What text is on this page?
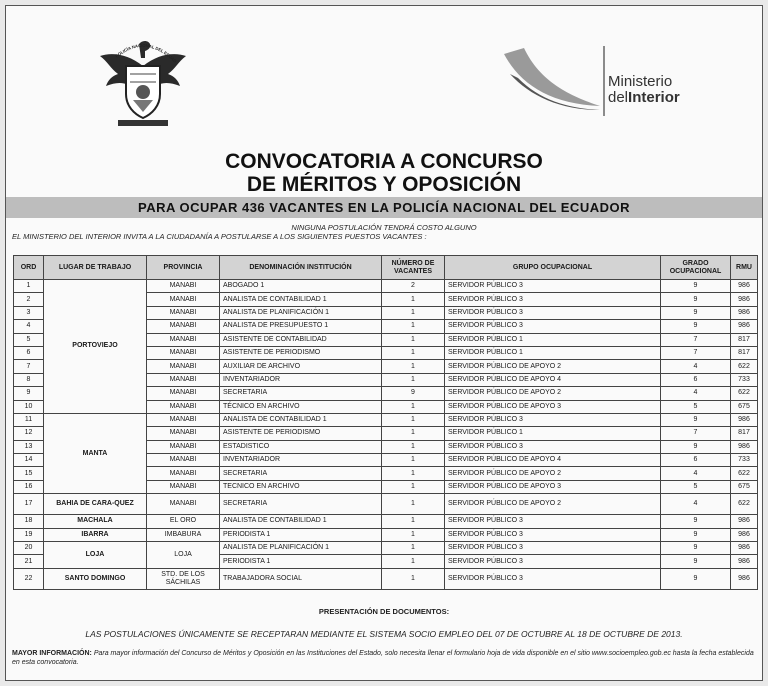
POLICÍA NACIONAL DEL ECUAD
Ministerio
delInterior
CONVOCATORIA A CONCURSO
DE MÉRITOS Y OPOSICIÓN
PARA OCUPAR 436 VACANTES EN LA POLICÍA NACIONAL DEL ECUADOR
NINGUNA POSTULACIÓN TENDRÁ COSTO ALGUNO
EL MINISTERIO DEL INTERIOR INVITA A LA CIUDADANÍA A POSTULARSE A LOS SIGUIENTES PUESTOS VACANTES :
ORD	LUGAR DE TRABAJO	PROVINCIA	DENOMINACIÓN INSTITUCIÓN	NÚMERO DE VACANTES	GRUPO OCUPACIONAL	GRADO OCUPACIONAL	RMU
1	PORTOVIEJO	MANABI	ABOGADO 1	2	SERVIDOR PÚBLICO 3	9	986
2		MANABI	ANALISTA DE CONTABILIDAD 1	1	SERVIDOR PÚBLICO 3	9	986
3		MANABI	ANALISTA DE PLANIFICACIÓN 1	1	SERVIDOR PÚBLICO 3	9	986
4		MANABI	ANALISTA DE PRESUPUESTO 1	1	SERVIDOR PÚBLICO 3	9	986
5		MANABI	ASISTENTE DE CONTABILIDAD	1	SERVIDOR PÚBLICO 1	7	817
6		MANABI	ASISTENTE DE PERIODISMO	1	SERVIDOR PÚBLICO 1	7	817
7		MANABI	AUXILIAR DE ARCHIVO	1	SERVIDOR PÚBLICO DE APOYO 2	4	622
8		MANABI	INVENTARIADOR	1	SERVIDOR PÚBLICO DE APOYO 4	6	733
9		MANABI	SECRETARIA	9	SERVIDOR PÚBLICO DE APOYO 2	4	622
10		MANABI	TÉCNICO EN ARCHIVO	1	SERVIDOR PÚBLICO DE APOYO 3	5	675
11	MANTA	MANABI	ANALISTA DE CONTABILIDAD 1	1	SERVIDOR PÚBLICO 3	9	986
12		MANABI	ASISTENTE DE PERIODISMO	1	SERVIDOR PÚBLICO 1	7	817
13		MANABI	ESTADISTICO	1	SERVIDOR PÚBLICO 3	9	986
14		MANABI	INVENTARIADOR	1	SERVIDOR PÚBLICO DE APOYO 4	6	733
15		MANABI	SECRETARIA	1	SERVIDOR PÚBLICO DE APOYO 2	4	622
16		MANABI	TECNICO EN ARCHIVO	1	SERVIDOR PÚBLICO DE APOYO 3	5	675
17	BAHIA DE CARA-QUEZ	MANABI	SECRETARIA	1	SERVIDOR PÚBLICO DE APOYO 2	4	622
18	MACHALA	EL ORO	ANALISTA DE CONTABILIDAD 1	1	SERVIDOR PÚBLICO 3	9	986
19	IBARRA	IMBABURA	PERIODISTA 1	1	SERVIDOR PÚBLICO 3	9	986
20	LOJA	LOJA	ANALISTA DE PLANIFICACIÓN 1	1	SERVIDOR PÚBLICO 3	9	986
21			PERIODISTA 1	1	SERVIDOR PÚBLICO 3	9	986
22	SANTO DOMINGO	STD. DE LOS SÁCHILAS	TRABAJADORA SOCIAL	1	SERVIDOR PÚBLICO 3	9	986
PRESENTACIÓN DE DOCUMENTOS:
LAS POSTULACIONES ÚNICAMENTE SE RECEPTARAN MEDIANTE EL SISTEMA SOCIO EMPLEO DEL 07 DE OCTUBRE AL 18 DE OCTUBRE DE 2013.
MAYOR INFORMACIÓN: Para mayor información del Concurso de Méritos y Oposición en las Instituciones del Estado, solo necesita llenar el formulario hoja de vida disponible en el sitio www.socioempleo.gob.ec hasta la fecha establecida en esta convocatoria.
